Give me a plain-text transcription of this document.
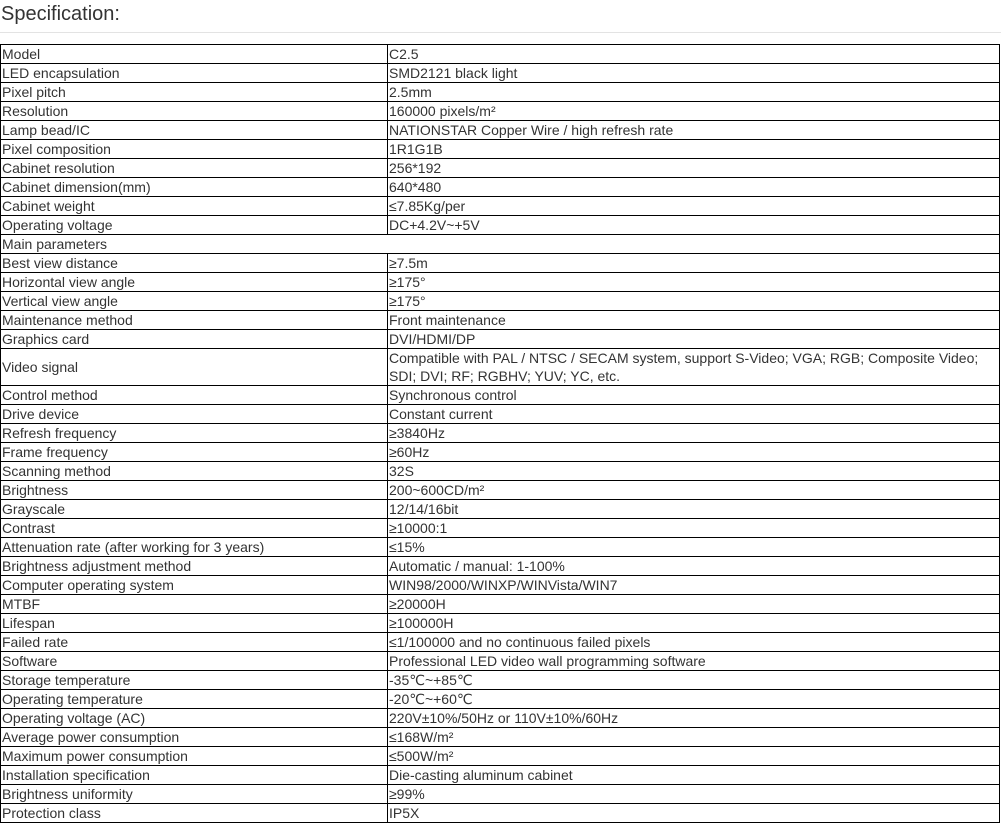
Specification:
Model	C2.5
LED encapsulation	SMD2121 black light
Pixel pitch	2.5mm
Resolution	160000 pixels/m²
Lamp bead/IC	NATIONSTAR Copper Wire / high refresh rate
Pixel composition	1R1G1B
Cabinet resolution	256*192
Cabinet dimension(mm)	640*480
Cabinet weight	≤7.85Kg/per
Operating voltage	DC+4.2V~+5V
Main parameters	
Best view distance	≥7.5m
Horizontal view angle	≥175°
Vertical view angle	≥175°
Maintenance method	Front maintenance
Graphics card	DVI/HDMI/DP
Video signal	Compatible with PAL / NTSC / SECAM system, support S-Video; VGA; RGB; Composite Video; SDI; DVI; RF; RGBHV; YUV; YC, etc.
Control method	Synchronous control
Drive device	Constant current
Refresh frequency	≥3840Hz
Frame frequency	≥60Hz
Scanning method	32S
Brightness	200~600CD/m²
Grayscale	12/14/16bit
Contrast	≥10000:1
Attenuation rate (after working for 3 years)	≤15%
Brightness adjustment method	Automatic / manual: 1-100%
Computer operating system	WIN98/2000/WINXP/WINVista/WIN7
MTBF	≥20000H
Lifespan	≥100000H
Failed rate	≤1/100000 and no continuous failed pixels
Software	Professional LED video wall programming software
Storage temperature	-35℃~+85℃
Operating temperature	-20℃~+60℃
Operating voltage (AC)	220V±10%/50Hz or 110V±10%/60Hz
Average power consumption	≤168W/m²
Maximum power consumption	≤500W/m²
Installation specification	Die-casting aluminum cabinet
Brightness uniformity	≥99%
Protection class	IP5X
